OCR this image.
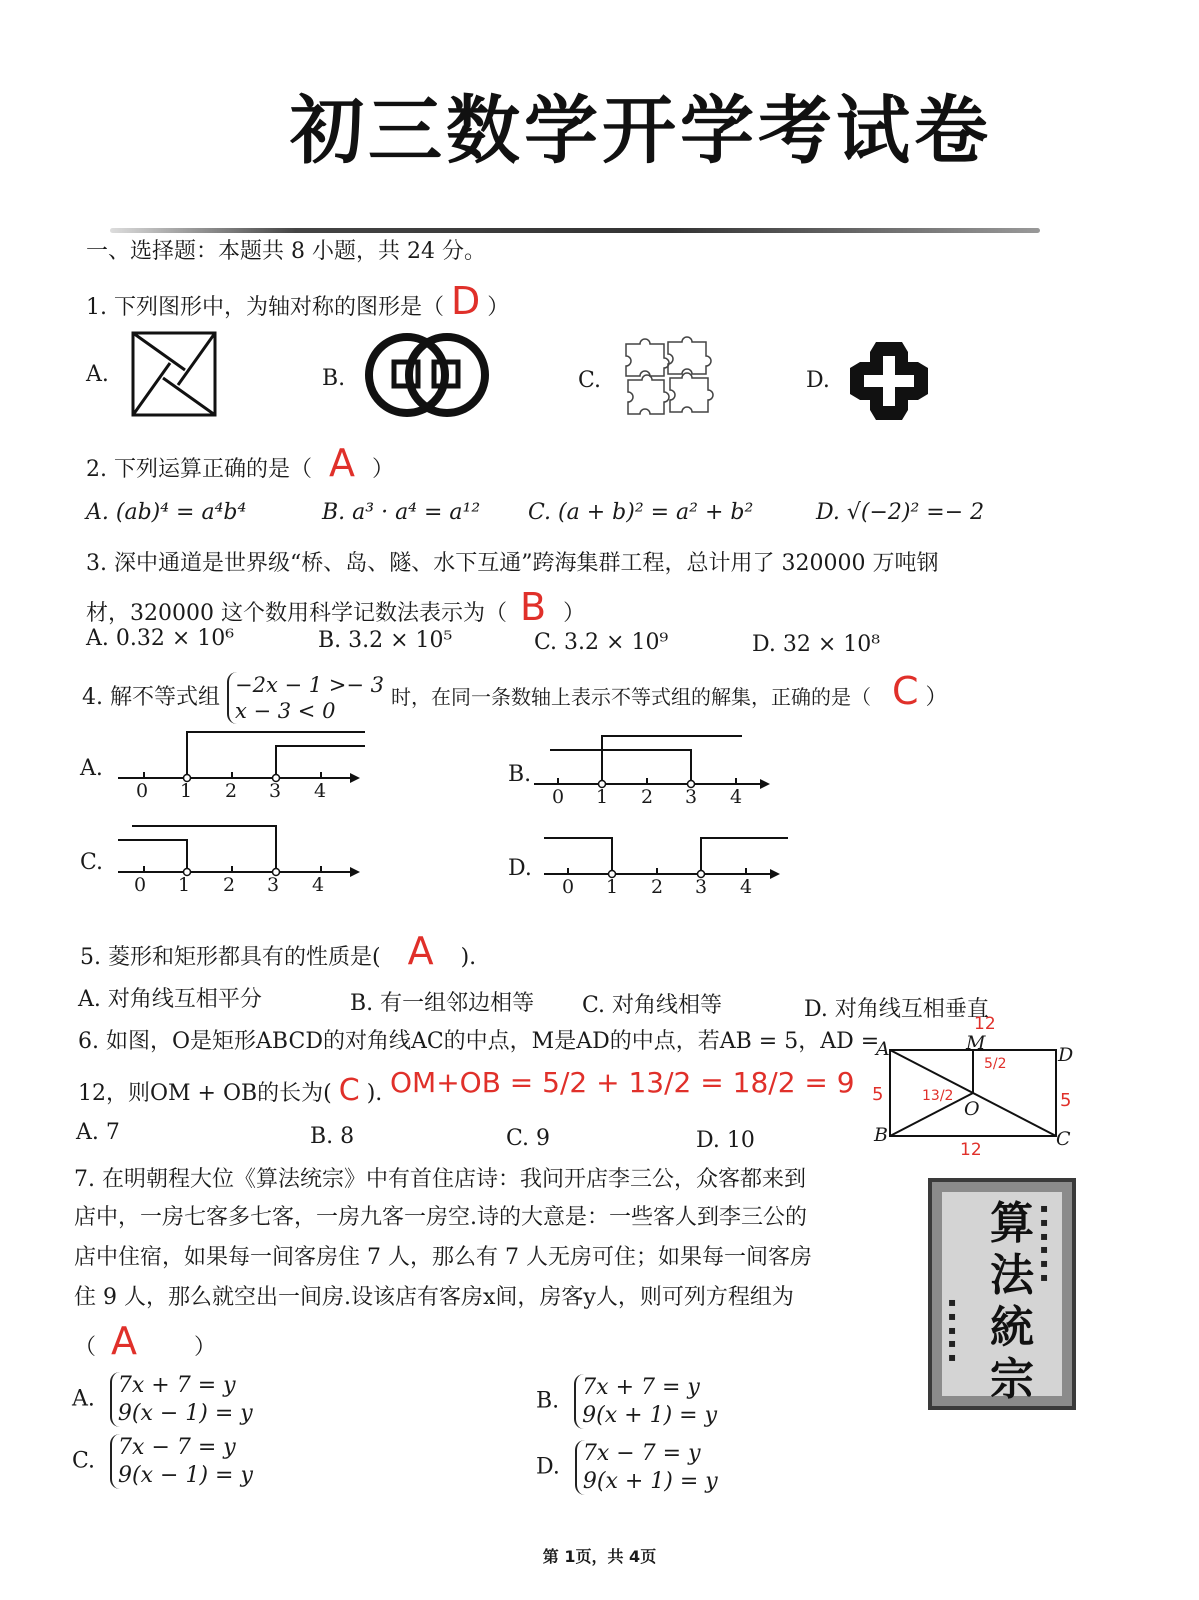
初三数学开学考试卷
一、选择题：本题共 8 小题，共 24 分。
1. 下列图形中，为轴对称的图形是（ D ）
A.	B.	C.	D.
2. 下列运算正确的是（ A ）
A. (ab)⁴ = a⁴b⁴	B. a³ · a⁴ = a¹² C. (a + b)² = a² + b²	D. √(−2)² =− 2
3. 深中通道是世界级“桥、岛、隧、水下互通”跨海集群工程，总计用了 320000 万吨钢
材，320000 这个数用科学记数法表示为（ B ）
A. 0.32 × 10⁶	B. 3.2 × 10⁵	C. 3.2 × 10⁹	D. 32 × 10⁸
4. 解不等式组 −2x − 1 >− 3
x − 3 < 0 时，在同一条数轴上表示不等式组的解集，正确的是（ C ）
A.
0 1 2 3 4
B.
0 1 2 3 4
C.
0 1 2 3 4
D.
0 1 2 3 4
5. 菱形和矩形都具有的性质是( A ).
A. 对角线互相平分	B. 有一组邻边相等 C. 对角线相等	D. 对角线互相垂直
6. 如图，O是矩形ABCD的对角线AC的中点，M是AD的中点，若AB = 5，AD =
12，则OM + OB的长为( C ). OM+OB = 5/2 + 13/2 = 18/2 = 9
A. 7	B. 8	C. 9	D. 10
A	D
B	C
M
O
12
12
5	5
5/2
13/2
7. 在明朝程大位《算法统宗》中有首住店诗：我问开店李三公，众客都来到
店中，一房七客多七客，一房九客一房空.诗的大意是：一些客人到李三公的
店中住宿，如果每一间客房住 7 人，那么有 7 人无房可住；如果每一间客房
住 9 人，那么就空出一间房.设该店有客房x间，房客y人，则可列方程组为
（ A	）
A. 7x + 7 = y
9(x − 1) = y	B. 7x + 7 = y
9(x + 1) = y
C. 7x − 7 = y
9(x − 1) = y	D. 7x − 7 = y
9(x + 1) = y
算法統宗
▪
▪
▪
▪
▪
▪
▪
▪
▪
▪
▪
第 1页，共 4页
